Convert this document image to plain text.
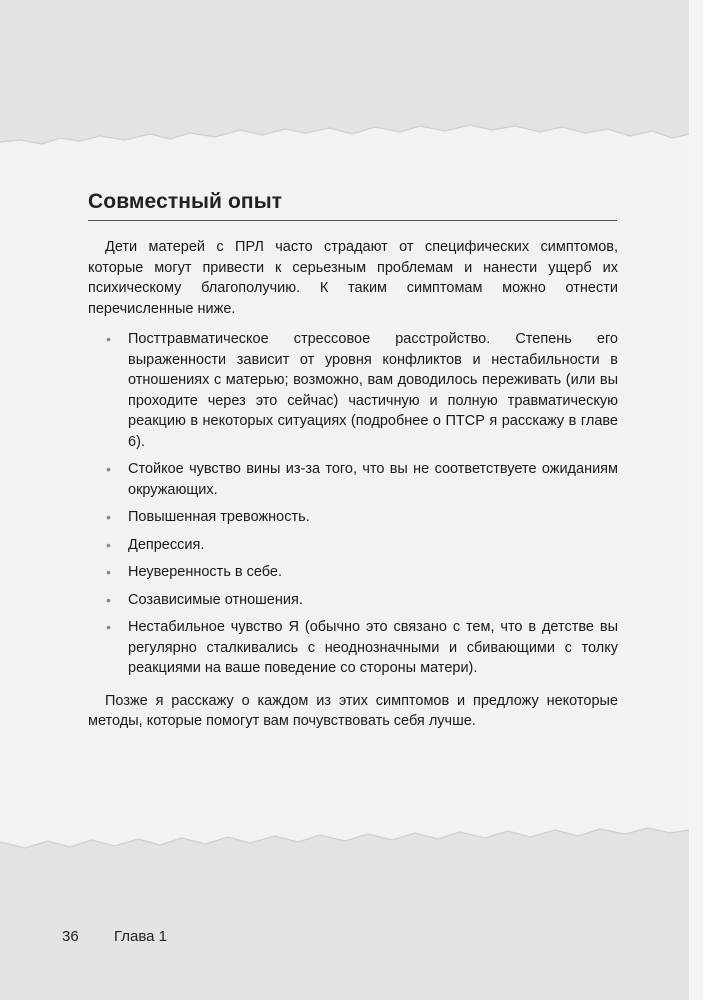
Совместный опыт

Дети матерей с ПРЛ часто страдают от специфических симптомов, которые могут привести к серьезным проблемам и нанести ущерб их психическому благополучию. К таким симптомам можно отнести перечисленные ниже.

• Посттравматическое стрессовое расстройство. Степень его выраженности зависит от уровня конфликтов и нестабильности в отношениях с матерью; возможно, вам доводилось переживать (или вы проходите через это сейчас) частичную и полную травматическую реакцию в некоторых ситуациях (подробнее о ПТСР я расскажу в главе 6).
• Стойкое чувство вины из-за того, что вы не соответствуете ожиданиям окружающих.
• Повышенная тревожность.
• Депрессия.
• Неуверенность в себе.
• Созависимые отношения.
• Нестабильное чувство Я (обычно это связано с тем, что в детстве вы регулярно сталкивались с неоднозначными и сбивающими с толку реакциями на ваше поведение со стороны матери).

Позже я расскажу о каждом из этих симптомов и предложу некоторые методы, которые помогут вам почувствовать себя лучше.

36 Глава 1
